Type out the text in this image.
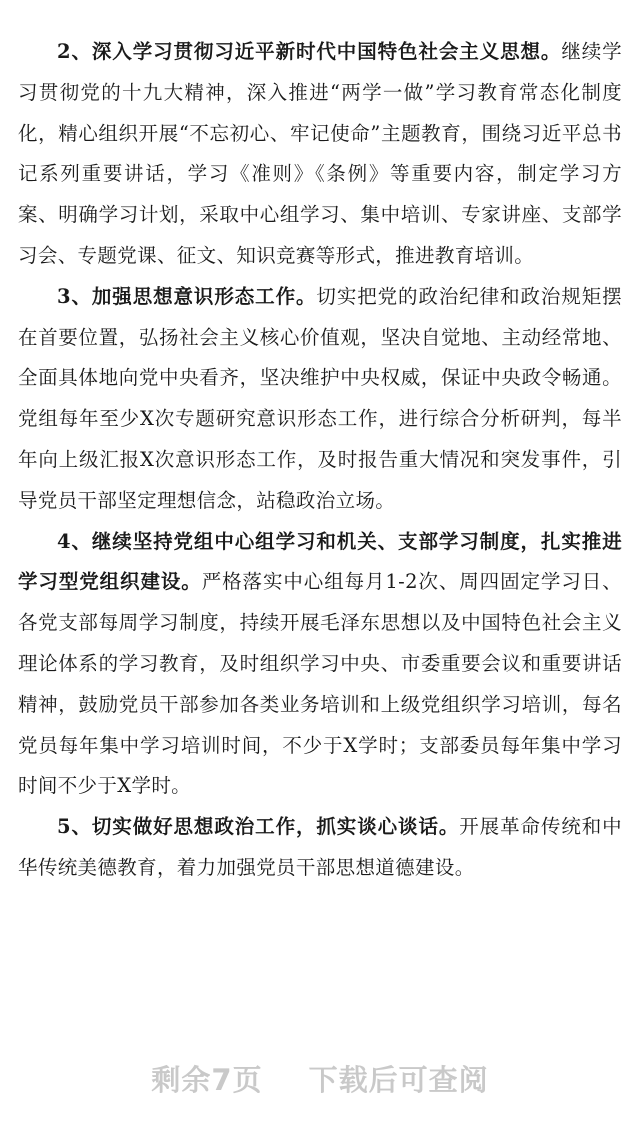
2、深入学习贯彻习近平新时代中国特色社会主义思想。继续学习贯彻党的十九大精神，深入推进“两学一做”学习教育常态化制度化，精心组织开展“不忘初心、牢记使命”主题教育，围绕习近平总书记系列重要讲话，学习《准则》《条例》等重要内容，制定学习方案、明确学习计划，采取中心组学习、集中培训、专家讲座、支部学习会、专题党课、征文、知识竞赛等形式，推进教育培训。

3、加强思想意识形态工作。切实把党的政治纪律和政治规矩摆在首要位置，弘扬社会主义核心价值观，坚决自觉地、主动经常地、全面具体地向党中央看齐，坚决维护中央权威，保证中央政令畅通。党组每年至少X次专题研究意识形态工作，进行综合分析研判，每半年向上级汇报X次意识形态工作，及时报告重大情况和突发事件，引导党员干部坚定理想信念，站稳政治立场。

4、继续坚持党组中心组学习和机关、支部学习制度，扎实推进学习型党组织建设。严格落实中心组每月1-2次、周四固定学习日、各党支部每周学习制度，持续开展毛泽东思想以及中国特色社会主义理论体系的学习教育，及时组织学习中央、市委重要会议和重要讲话精神，鼓励党员干部参加各类业务培训和上级党组织学习培训，每名党员每年集中学习培训时间，不少于X学时；支部委员每年集中学习时间不少于X学时。

5、切实做好思想政治工作，抓实谈心谈话。开展革命传统和中华传统美德教育，着力加强党员干部思想道德建设。

剩余7页 下载后可查阅
